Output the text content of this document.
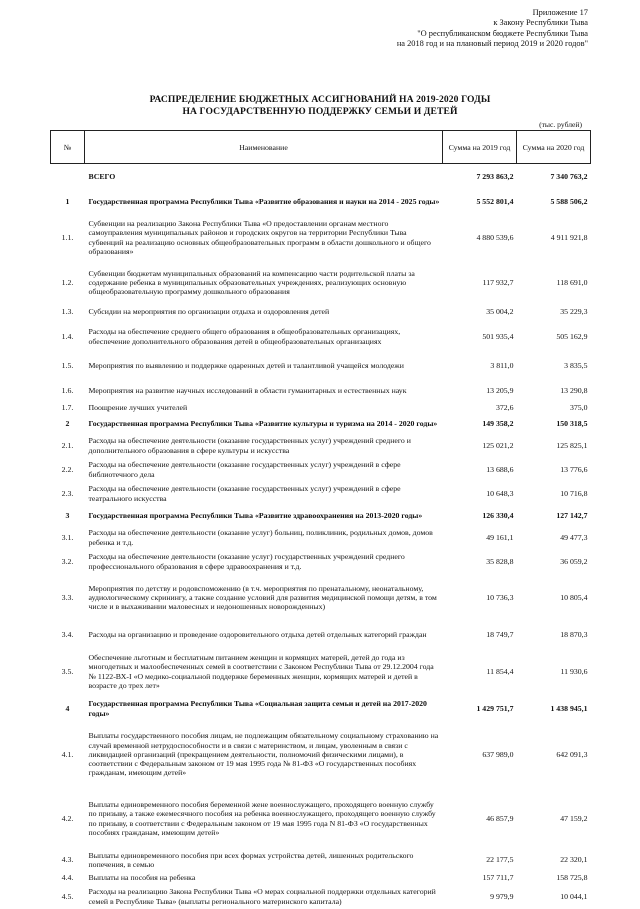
Приложение 17
к Закону Республики Тыва
"О республиканском бюджете Республики Тыва
на 2018 год и на плановый период 2019 и 2020 годов"
РАСПРЕДЕЛЕНИЕ БЮДЖЕТНЫХ АССИГНОВАНИЙ НА 2019-2020 ГОДЫ
НА ГОСУДАРСТВЕННУЮ ПОДДЕРЖКУ СЕМЬИ И ДЕТЕЙ
(тыс. рублей)
№	Наименование	Сумма на 2019 год	Сумма на 2020 год
	ВСЕГО	7 293 863,2	7 340 763,2
1	Государственная программа Республики Тыва «Развитие образования и науки на 2014 - 2025 годы»	5 552 801,4	5 588 506,2
1.1.	Субвенции на реализацию Закона Республики Тыва «О предоставлении органам местного самоуправления муниципальных районов и городских округов на территории Республики Тыва субвенций на реализацию основных общеобразовательных программ в области дошкольного и общего образования»	4 880 539,6	4 911 921,8
1.2.	Субвенции бюджетам муниципальных образований на компенсацию части родительской платы за содержание ребенка в муниципальных образовательных учреждениях, реализующих основную общеобразовательную программу дошкольного образования	117 932,7	118 691,0
1.3.	Субсидии на мероприятия по организации отдыха и оздоровления детей	35 004,2	35 229,3
1.4.	Расходы на обеспечение среднего общего образования в общеобразовательных организациях, обеспечение дополнительного образования детей в общеобразовательных организациях	501 935,4	505 162,9
1.5.	Мероприятия по выявлению и поддержке одаренных детей и талантливой учащейся молодежи	3 811,0	3 835,5
1.6.	Мероприятия на развитие научных исследований в области гуманитарных и естественных наук	13 205,9	13 290,8
1.7.	Поощрение лучших учителей	372,6	375,0
2	Государственная программа Республики Тыва «Развитие культуры и туризма на 2014 - 2020 годы»	149 358,2	150 318,5
2.1.	Расходы на обеспечение деятельности (оказание государственных услуг) учреждений среднего и дополнительного образования в сфере культуры и искусства	125 021,2	125 825,1
2.2.	Расходы на обеспечение деятельности (оказание государственных услуг) учреждений в сфере библиотечного дела	13 688,6	13 776,6
2.3.	Расходы на обеспечение деятельности (оказание государственных услуг) учреждений в сфере театрального искусства	10 648,3	10 716,8
3	Государственная программа Республики Тыва «Развитие здравоохранения на 2013-2020 годы»	126 330,4	127 142,7
3.1.	Расходы на обеспечение деятельности (оказание услуг) больниц, поликлиник, родильных домов, домов ребенка и т.д.	49 161,1	49 477,3
3.2.	Расходы на обеспечение деятельности (оказание услуг) государственных учреждений среднего профессионального образования в сфере здравоохранения и т.д.	35 828,8	36 059,2
3.3.	Мероприятия по детству и родовспоможению (в т.ч. мероприятия по пренатальному, неонатальному, аудиологическому скринингу, а также создание условий для развития медицинской помощи детям, в том числе и в выхаживании маловесных и недоношенных новорожденных)	10 736,3	10 805,4
3.4.	Расходы на организацию и проведение оздоровительного отдыха детей отдельных категорий граждан	18 749,7	18 870,3
3.5.	Обеспечение льготным и бесплатным питанием женщин и кормящих матерей, детей до года из многодетных и малообеспеченных семей в соответствии с Законом Республики Тыва от 29.12.2004 года № 1122-ВХ-I «О медико-социальной поддержке беременных женщин, кормящих матерей и детей в возрасте до трех лет»	11 854,4	11 930,6
4	Государственная программа Республики Тыва «Социальная защита семьи и детей на 2017-2020 годы»	1 429 751,7	1 438 945,1
4.1.	Выплаты государственного пособия лицам, не подлежащим обязательному социальному страхованию на случай временной нетрудоспособности и в связи с материнством, и лицам, уволенным в связи с ликвидацией организаций (прекращением деятельности, полномочий физическими лицами), в соответствии с Федеральным законом от 19 мая 1995 года № 81-ФЗ «О государственных пособиях гражданам, имеющим детей»	637 989,0	642 091,3
4.2.	Выплаты единовременного пособия беременной жене военнослужащего, проходящего военную службу по призыву, а также ежемесячного пособия на ребенка военнослужащего, проходящего военную службу по призыву, в соответствии с Федеральным законом от 19 мая 1995 года N 81-ФЗ «О государственных пособиях гражданам, имеющим детей»	46 857,9	47 159,2
4.3.	Выплаты единовременного пособия при всех формах устройства детей, лишенных родительского попечения, в семью	22 177,5	22 320,1
4.4.	Выплаты на пособия на ребенка	157 711,7	158 725,8
4.5.	Расходы на реализацию Закона Республики Тыва «О мерах социальной поддержки отдельных категорий семей в Республике Тыва» (выплаты регионального материнского капитала)	9 979,9	10 044,1
